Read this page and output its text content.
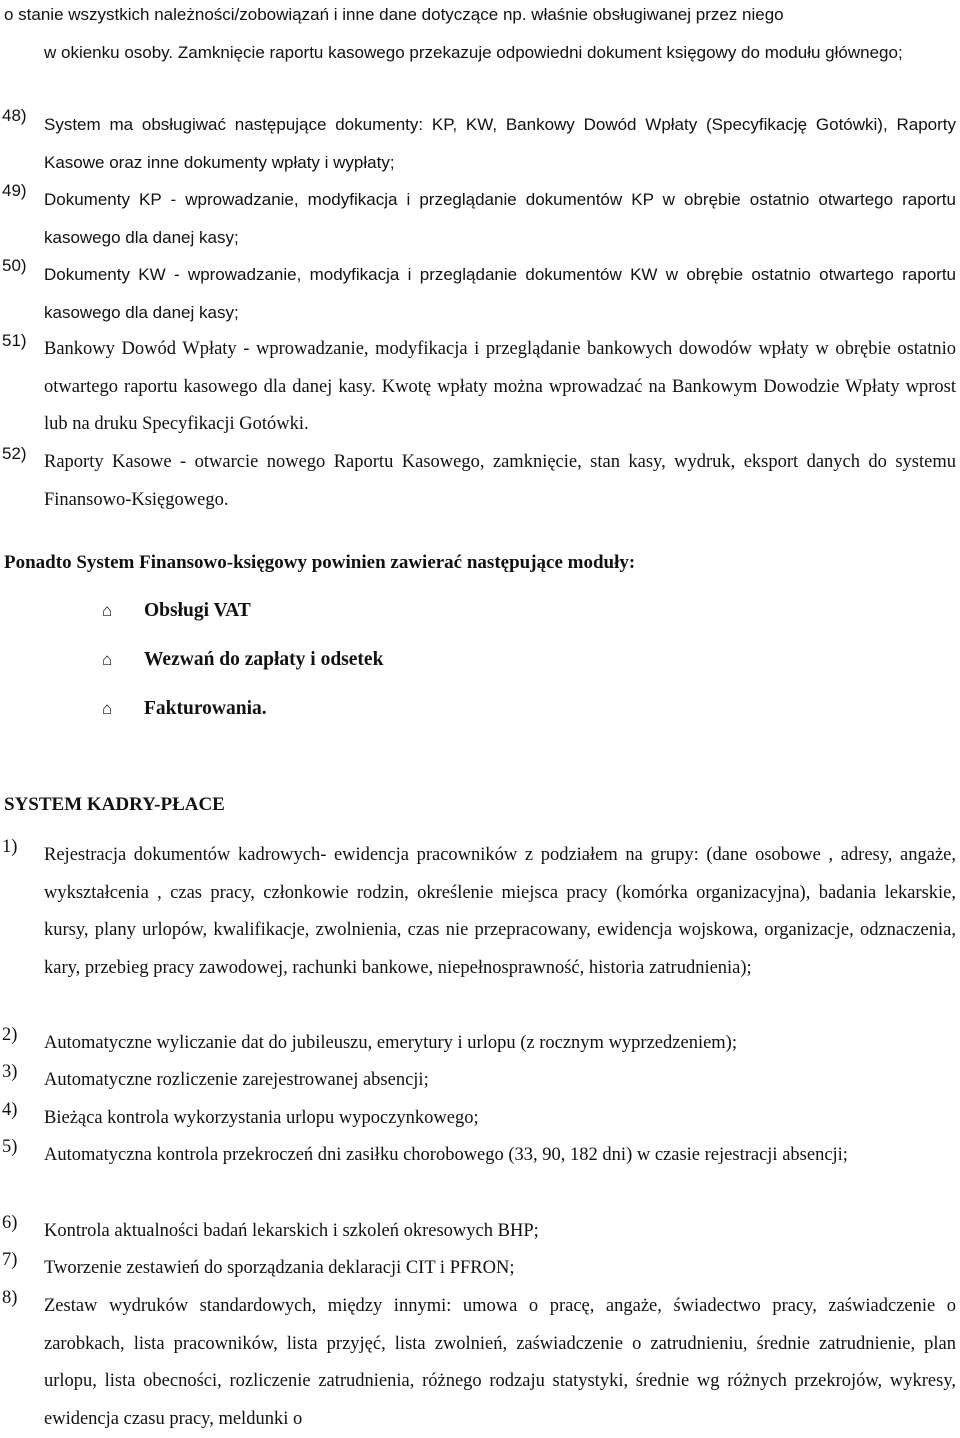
o stanie wszystkich należności/zobowiązań i inne dane dotyczące np. właśnie obsługiwanej przez niego
w okienku osoby. Zamknięcie raportu kasowego przekazuje odpowiedni dokument księgowy do modułu głównego;
48)	System ma obsługiwać następujące dokumenty: KP, KW, Bankowy Dowód Wpłaty (Specyfikację Gotówki), Raporty Kasowe oraz inne dokumenty wpłaty i wypłaty;
49)	Dokumenty KP - wprowadzanie, modyfikacja i przeglądanie dokumentów KP w obrębie ostatnio otwartego raportu kasowego dla danej kasy;
50)	Dokumenty KW - wprowadzanie, modyfikacja i przeglądanie dokumentów KW w obrębie ostatnio otwartego raportu kasowego dla danej kasy;
51) Bankowy Dowód Wpłaty - wprowadzanie, modyfikacja i przeglądanie bankowych dowodów wpłaty w obrębie ostatnio otwartego raportu kasowego dla danej kasy. Kwotę wpłaty można wprowadzać na Bankowym Dowodzie Wpłaty wprost lub na druku Specyfikacji Gotówki.
52) Raporty Kasowe - otwarcie nowego Raportu Kasowego, zamknięcie, stan kasy, wydruk, eksport danych do systemu Finansowo-Księgowego.

Ponadto System Finansowo-księgowy powinien zawierać następujące moduły:

⌂ Obsługi VAT
⌂ Wezwań do zapłaty i odsetek
⌂ Fakturowania.

SYSTEM KADRY-PŁACE

1)	Rejestracja dokumentów kadrowych- ewidencja pracowników z podziałem na grupy: (dane osobowe , adresy, angaże, wykształcenia , czas pracy, członkowie rodzin, określenie miejsca pracy (komórka organizacyjna), badania lekarskie, kursy, plany urlopów, kwalifikacje, zwolnienia, czas nie przepracowany, ewidencja wojskowa, organizacje, odznaczenia, kary, przebieg pracy zawodowej, rachunki bankowe, niepełnosprawność, historia zatrudnienia);
2)	Automatyczne wyliczanie dat do jubileuszu, emerytury i urlopu (z rocznym wyprzedzeniem);
3)	Automatyczne rozliczenie zarejestrowanej absencji;
4)	Bieżąca kontrola wykorzystania urlopu wypoczynkowego;
5)	Automatyczna kontrola przekroczeń dni zasiłku chorobowego (33, 90, 182 dni) w czasie rejestracji absencji;
6)	Kontrola aktualności badań lekarskich i szkoleń okresowych BHP;
7)	Tworzenie zestawień do sporządzania deklaracji CIT i PFRON;
8)	Zestaw wydruków standardowych, między innymi: umowa o pracę, angaże, świadectwo pracy, zaświadczenie o zarobkach, lista pracowników, lista przyjęć, lista zwolnień, zaświadczenie o zatrudnieniu, średnie zatrudnienie, plan urlopu, lista obecności, rozliczenie zatrudnienia, różnego rodzaju statystyki, średnie wg różnych przekrojów, wykresy, ewidencja czasu pracy, meldunki o
